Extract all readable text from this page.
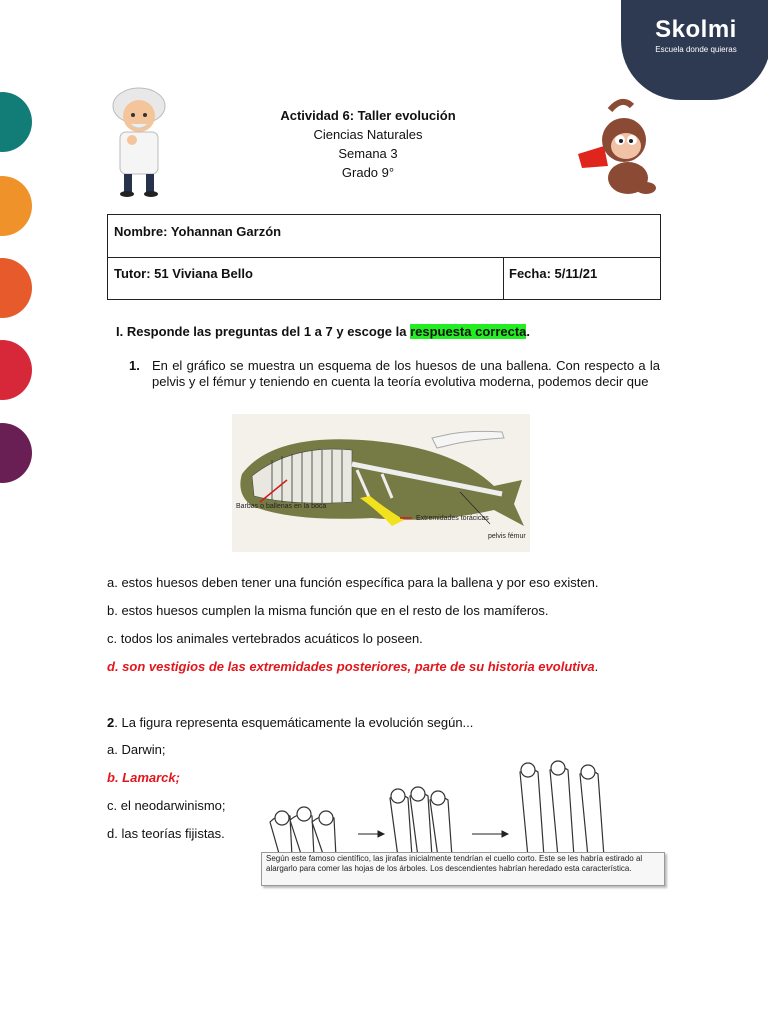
Skolmi
Escuela donde quieras
Actividad 6: Taller evolución
Ciencias Naturales
Semana 3
Grado 9°
Nombre: Yohannan Garzón
Tutor: 51 Viviana Bello	Fecha: 5/11/21
I. Responde las preguntas del 1 a 7 y escoge la respuesta correcta.
1. En el gráfico se muestra un esquema de los huesos de una ballena. Con respecto a la pelvis y el fémur y teniendo en cuenta la teoría evolutiva moderna, podemos decir que
Barbas o ballenas en la boca
Extremidades torácicas
pelvis fémur
a. estos huesos deben tener una función específica para la ballena y por eso existen.
b. estos huesos cumplen la misma función que en el resto de los mamíferos.
c. todos los animales vertebrados acuáticos lo poseen.
d. son vestigios de las extremidades posteriores, parte de su historia evolutiva.
2. La figura representa esquemáticamente la evolución según...
a. Darwin;
b. Lamarck;
c. el neodarwinismo;
d. las teorías fijistas.
Según este famoso científico, las jirafas inicialmente tendrían el cuello corto. Este se les habría estirado al alargarlo para comer las hojas de los árboles. Los descendientes habrían heredado esta característica.
